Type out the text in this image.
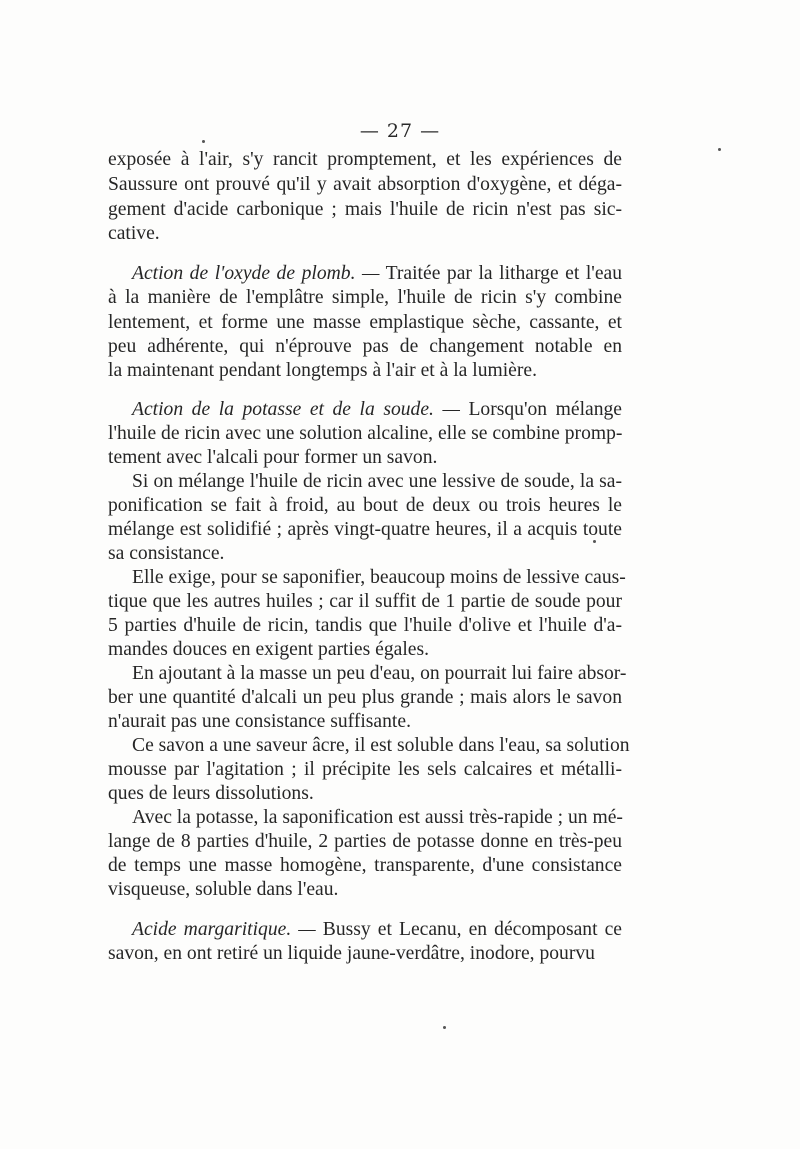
— 27 —
exposée à l'air, s'y rancit promptement, et les expériences de
Saussure ont prouvé qu'il y avait absorption d'oxygène, et déga-
gement d'acide carbonique ; mais l'huile de ricin n'est pas sic-
cative.
Action de l'oxyde de plomb. — Traitée par la litharge et l'eau
à la manière de l'emplâtre simple, l'huile de ricin s'y combine
lentement, et forme une masse emplastique sèche, cassante, et
peu adhérente, qui n'éprouve pas de changement notable en
la maintenant pendant longtemps à l'air et à la lumière.
Action de la potasse et de la soude. — Lorsqu'on mélange
l'huile de ricin avec une solution alcaline, elle se combine promp-
tement avec l'alcali pour former un savon.
Si on mélange l'huile de ricin avec une lessive de soude, la sa-
ponification se fait à froid, au bout de deux ou trois heures le
mélange est solidifié ; après vingt-quatre heures, il a acquis toute
sa consistance.
Elle exige, pour se saponifier, beaucoup moins de lessive caus-
tique que les autres huiles ; car il suffit de 1 partie de soude pour
5 parties d'huile de ricin, tandis que l'huile d'olive et l'huile d'a-
mandes douces en exigent parties égales.
En ajoutant à la masse un peu d'eau, on pourrait lui faire absor-
ber une quantité d'alcali un peu plus grande ; mais alors le savon
n'aurait pas une consistance suffisante.
Ce savon a une saveur âcre, il est soluble dans l'eau, sa solution
mousse par l'agitation ; il précipite les sels calcaires et métalli-
ques de leurs dissolutions.
Avec la potasse, la saponification est aussi très-rapide ; un mé-
lange de 8 parties d'huile, 2 parties de potasse donne en très-peu
de temps une masse homogène, transparente, d'une consistance
visqueuse, soluble dans l'eau.
Acide margaritique. — Bussy et Lecanu, en décomposant ce
savon, en ont retiré un liquide jaune-verdâtre, inodore, pourvu
